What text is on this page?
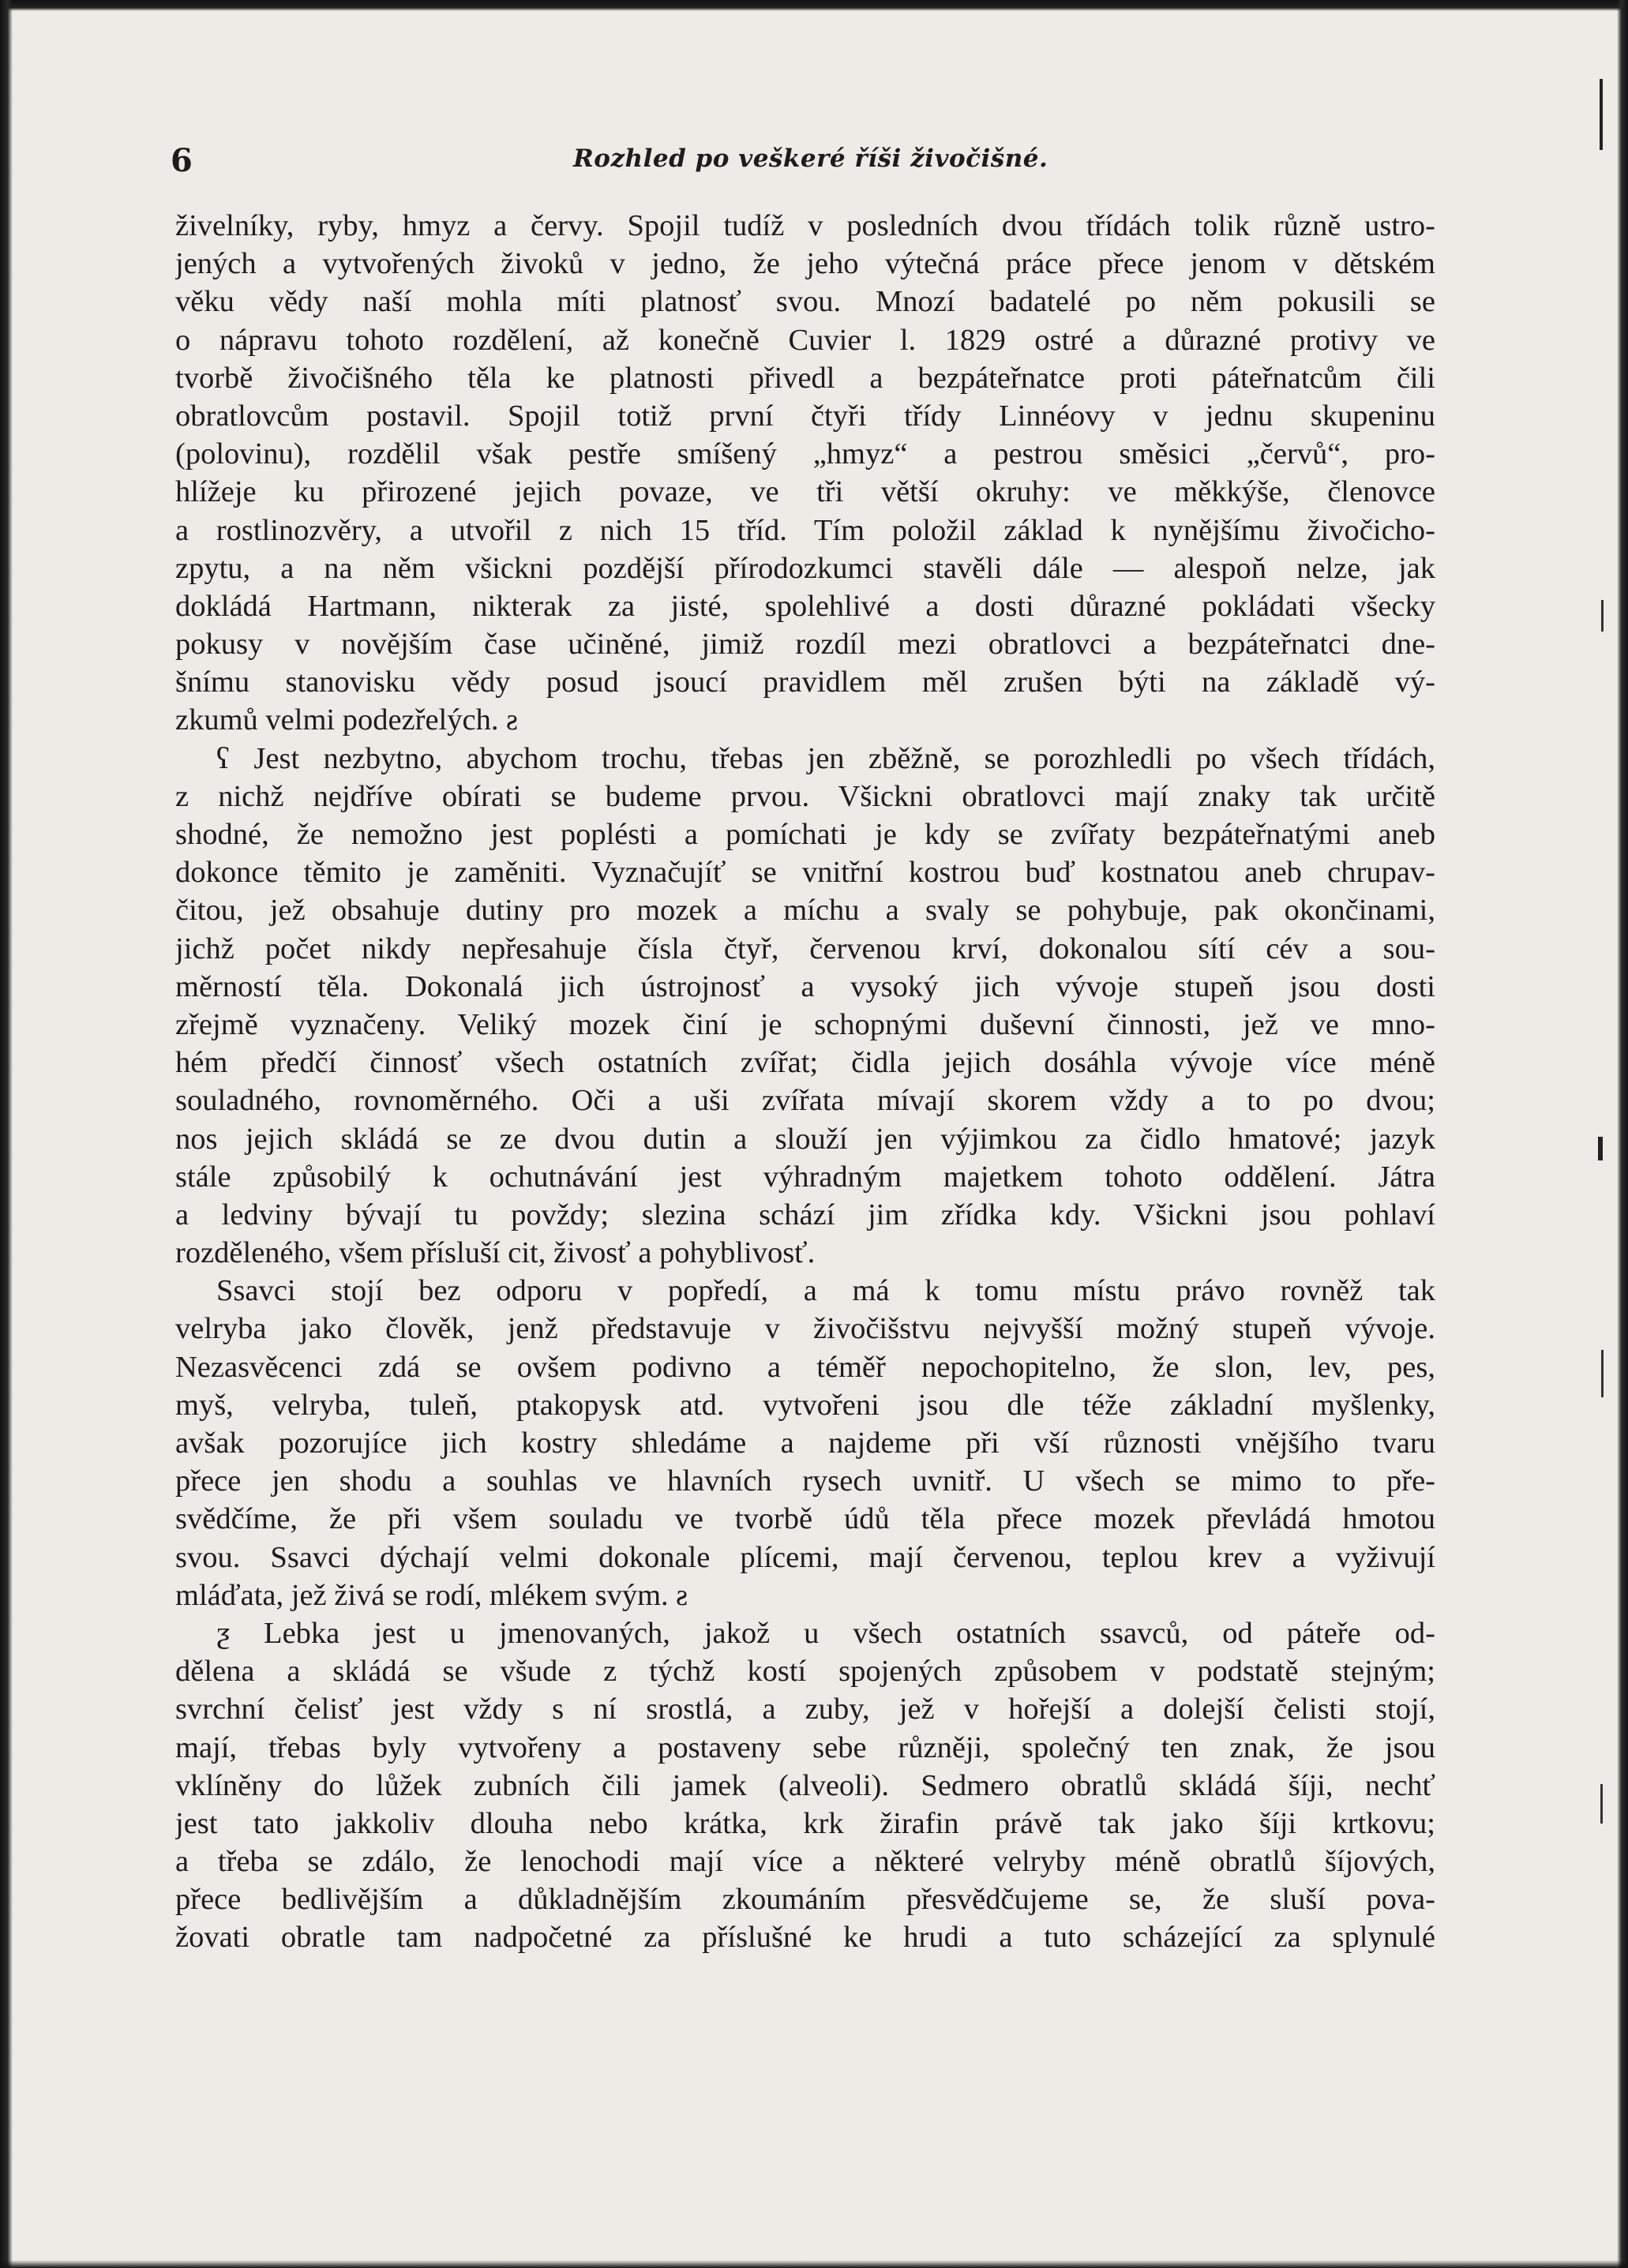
6	Rozhled po veškeré říši živočišné.
živelníky, ryby, hmyz a červy. Spojil tudíž v posledních dvou třídách tolik různě ustro-
jených a vytvořených živoků v jedno, že jeho výtečná práce přece jenom v dětském
věku vědy naší mohla míti platnosť svou. Mnozí badatelé po něm pokusili se
o nápravu tohoto rozdělení, až konečně Cuvier l. 1829 ostré a důrazné protivy ve
tvorbě živočišného těla ke platnosti přivedl a bezpáteřnatce proti páteřnatcům čili
obratlovcům postavil. Spojil totiž první čtyři třídy Linnéovy v jednu skupeninu
(polovinu), rozdělil však pestře smíšený „hmyz“ a pestrou směsici „červů“, pro-
hlížeje ku přirozené jejich povaze, ve tři větší okruhy: ve měkkýše, členovce
a rostlinozvěry, a utvořil z nich 15 tříd. Tím položil základ k nynějšímu živočicho-
zpytu, a na něm všickni pozdější přírodozkumci stavěli dále — alespoň nelze, jak
dokládá Hartmann, nikterak za jisté, spolehlivé a dosti důrazné pokládati všecky
pokusy v novějším čase učiněné, jimiž rozdíl mezi obratlovci a bezpáteřnatci dne-
šnímu stanovisku vědy posud jsoucí pravidlem měl zrušen býti na základě vý-
zkumů velmi podezřelých. ƨ
ʕ Jest nezbytno, abychom trochu, třebas jen zběžně, se porozhledli po všech třídách,
z nichž nejdříve obírati se budeme prvou. Všickni obratlovci mají znaky tak určitě
shodné, že nemožno jest poplésti a pomíchati je kdy se zvířaty bezpáteřnatými aneb
dokonce těmito je zaměniti. Vyznačujíť se vnitřní kostrou buď kostnatou aneb chrupav-
čitou, jež obsahuje dutiny pro mozek a míchu a svaly se pohybuje, pak okončinami,
jichž počet nikdy nepřesahuje čísla čtyř, červenou krví, dokonalou sítí cév a sou-
měrností těla. Dokonalá jich ústrojnosť a vysoký jich vývoje stupeň jsou dosti
zřejmě vyznačeny. Veliký mozek činí je schopnými duševní činnosti, jež ve mno-
hém předčí činnosť všech ostatních zvířat; čidla jejich dosáhla vývoje více méně
souladného, rovnoměrného. Oči a uši zvířata mívají skorem vždy a to po dvou;
nos jejich skládá se ze dvou dutin a slouží jen výjimkou za čidlo hmatové; jazyk
stále způsobilý k ochutnávání jest výhradným majetkem tohoto oddělení. Játra
a ledviny bývají tu povždy; slezina schází jim zřídka kdy. Všickni jsou pohlaví
rozděleného, všem přísluší cit, živosť a pohyblivosť.
Ssavci stojí bez odporu v popředí, a má k tomu místu právo rovněž tak
velryba jako člověk, jenž představuje v živočišstvu nejvyšší možný stupeň vývoje.
Nezasvěcenci zdá se ovšem podivno a téměř nepochopitelno, že slon, lev, pes,
myš, velryba, tuleň, ptakopysk atd. vytvořeni jsou dle téže základní myšlenky,
avšak pozorujíce jich kostry shledáme a najdeme při vší různosti vnějšího tvaru
přece jen shodu a souhlas ve hlavních rysech uvnitř. U všech se mimo to pře-
svědčíme, že při všem souladu ve tvorbě údů těla přece mozek převládá hmotou
svou. Ssavci dýchají velmi dokonale plícemi, mají červenou, teplou krev a vyživují
mláďata, jež živá se rodí, mlékem svým. ƨ
ƺ Lebka jest u jmenovaných, jakož u všech ostatních ssavců, od páteře od-
dělena a skládá se všude z týchž kostí spojených způsobem v podstatě stejným;
svrchní čelisť jest vždy s ní srostlá, a zuby, jež v hořejší a dolejší čelisti stojí,
mají, třebas byly vytvořeny a postaveny sebe různěji, společný ten znak, že jsou
vklíněny do lůžek zubních čili jamek (alveoli). Sedmero obratlů skládá šíji, nechť
jest tato jakkoliv dlouha nebo krátka, krk žirafin právě tak jako šíji krtkovu;
a třeba se zdálo, že lenochodi mají více a některé velryby méně obratlů šíjových,
přece bedlivějším a důkladnějším zkoumáním přesvědčujeme se, že sluší pova-
žovati obratle tam nadpočetné za příslušné ke hrudi a tuto scházející za splynulé
